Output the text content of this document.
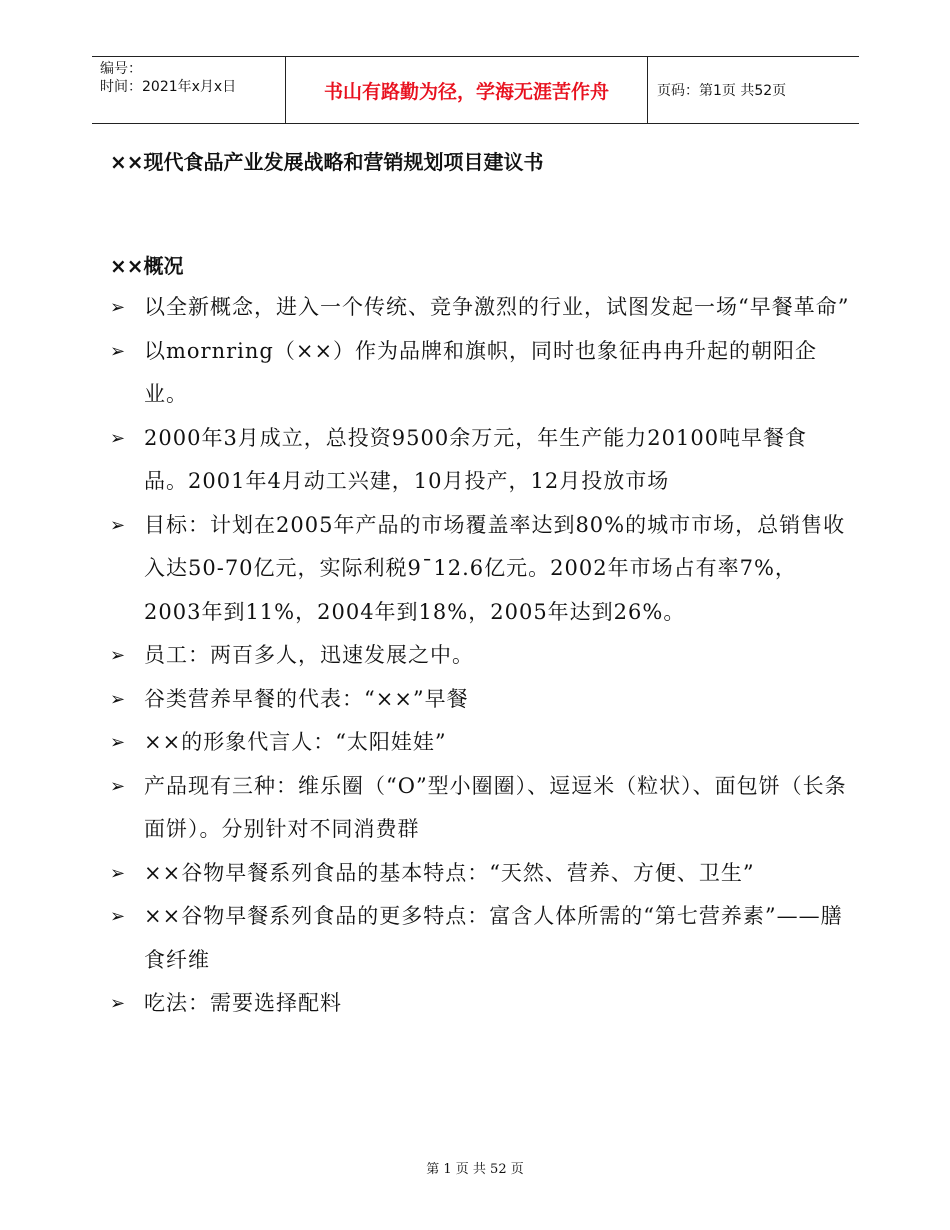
编号：
时间：2021年x月x日	书山有路勤为径，学海无涯苦作舟	页码：第1页 共52页
××现代食品产业发展战略和营销规划项目建议书
××概况
➢ 以全新概念，进入一个传统、竞争激烈的行业，试图发起一场“早餐革命”
➢ 以mornring（××）作为品牌和旗帜，同时也象征冉冉升起的朝阳企业。
➢ 2000年3月成立，总投资9500余万元，年生产能力20100吨早餐食品。2001年4月动工兴建，10月投产，12月投放市场
➢ 目标：计划在2005年产品的市场覆盖率达到80%的城市市场，总销售收入达50-70亿元，实际利税9¯12.6亿元。2002年市场占有率7%，2003年到11%，2004年到18%，2005年达到26%。
➢ 员工：两百多人，迅速发展之中。
➢ 谷类营养早餐的代表：“××”早餐
➢ ××的形象代言人：“太阳娃娃”
➢ 产品现有三种：维乐圈（“O”型小圈圈）、逗逗米（粒状）、面包饼（长条面饼）。分别针对不同消费群
➢ ××谷物早餐系列食品的基本特点：“天然、营养、方便、卫生”
➢ ××谷物早餐系列食品的更多特点：富含人体所需的“第七营养素”——膳食纤维
➢ 吃法：需要选择配料
第 1 页 共 52 页
